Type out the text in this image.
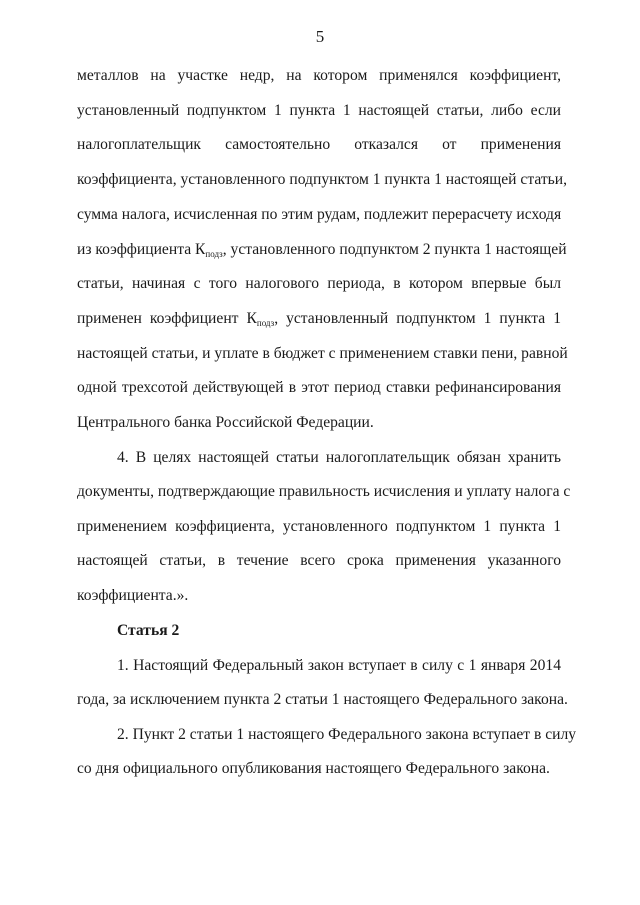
5
металлов на участке недр, на котором применялся коэффициент,
установленный подпунктом 1 пункта 1 настоящей статьи, либо если
налогоплательщик самостоятельно отказался от применения
коэффициента, установленного подпунктом 1 пункта 1 настоящей статьи,
сумма налога, исчисленная по этим рудам, подлежит перерасчету исходя
из коэффициента $К_{подз}$, установленного подпунктом 2 пункта 1 настоящей
статьи, начиная с того налогового периода, в котором впервые был
применен коэффициент $К_{подз}$, установленный подпунктом 1 пункта 1
настоящей статьи, и уплате в бюджет с применением ставки пени, равной
одной трехсотой действующей в этот период ставки рефинансирования
Центрального банка Российской Федерации.
4. В целях настоящей статьи налогоплательщик обязан хранить
документы, подтверждающие правильность исчисления и уплату налога с
применением коэффициента, установленного подпунктом 1 пункта 1
настоящей статьи, в течение всего срока применения указанного
коэффициента.».
Статья 2
1. Настоящий Федеральный закон вступает в силу с 1 января 2014
года, за исключением пункта 2 статьи 1 настоящего Федерального закона.
2. Пункт 2 статьи 1 настоящего Федерального закона вступает в силу
со дня официального опубликования настоящего Федерального закона.
